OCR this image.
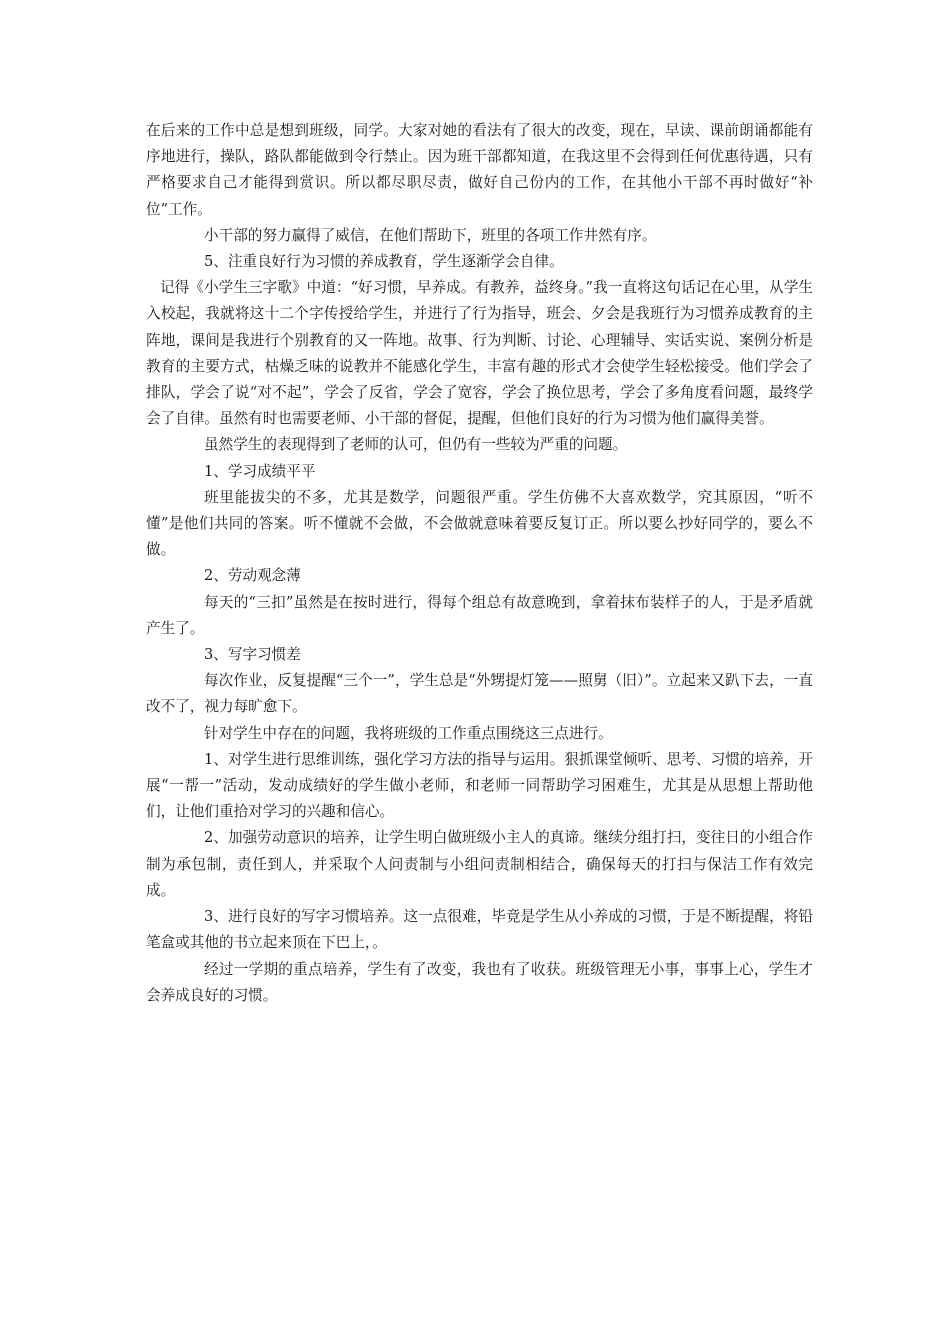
在后来的工作中总是想到班级，同学。大家对她的看法有了很大的改变，现在，早读、课前朗诵都能有序地进行，操队，路队都能做到令行禁止。因为班干部都知道，在我这里不会得到任何优惠待遇，只有严格要求自己才能得到赏识。所以都尽职尽责，做好自己份内的工作，在其他小干部不再时做好“补位”工作。

小干部的努力赢得了威信，在他们帮助下，班里的各项工作井然有序。

5、注重良好行为习惯的养成教育，学生逐渐学会自律。

记得《小学生三字歌》中道：“好习惯，早养成。有教养，益终身。”我一直将这句话记在心里，从学生入校起，我就将这十二个字传授给学生，并进行了行为指导，班会、夕会是我班行为习惯养成教育的主阵地，课间是我进行个别教育的又一阵地。故事、行为判断、讨论、心理辅导、实话实说、案例分析是教育的主要方式，枯燥乏味的说教并不能感化学生，丰富有趣的形式才会使学生轻松接受。他们学会了排队，学会了说“对不起”，学会了反省，学会了宽容，学会了换位思考，学会了多角度看问题，最终学会了自律。虽然有时也需要老师、小干部的督促，提醒，但他们良好的行为习惯为他们赢得美誉。

虽然学生的表现得到了老师的认可，但仍有一些较为严重的问题。

1、学习成绩平平

班里能拔尖的不多，尤其是数学，问题很严重。学生仿佛不大喜欢数学，究其原因，“听不懂”是他们共同的答案。听不懂就不会做，不会做就意味着要反复订正。所以要么抄好同学的，要么不做。

2、劳动观念薄

每天的“三扣”虽然是在按时进行，得每个组总有故意晚到，拿着抹布装样子的人，于是矛盾就产生了。

3、写字习惯差

每次作业，反复提醒“三个一”，学生总是“外甥提灯笼——照舅（旧）”。立起来又趴下去，一直改不了，视力每旷愈下。

针对学生中存在的问题，我将班级的工作重点围绕这三点进行。

1、对学生进行思维训练，强化学习方法的指导与运用。狠抓课堂倾听、思考、习惯的培养，开展“一帮一”活动，发动成绩好的学生做小老师，和老师一同帮助学习困难生，尤其是从思想上帮助他们，让他们重拾对学习的兴趣和信心。

2、加强劳动意识的培养，让学生明白做班级小主人的真谛。继续分组打扫，变往日的小组合作制为承包制，责任到人，并采取个人问责制与小组问责制相结合，确保每天的打扫与保洁工作有效完成。

3、进行良好的写字习惯培养。这一点很难，毕竟是学生从小养成的习惯，于是不断提醒，将铅笔盒或其他的书立起来顶在下巴上，。

经过一学期的重点培养，学生有了改变，我也有了收获。班级管理无小事，事事上心，学生才会养成良好的习惯。
